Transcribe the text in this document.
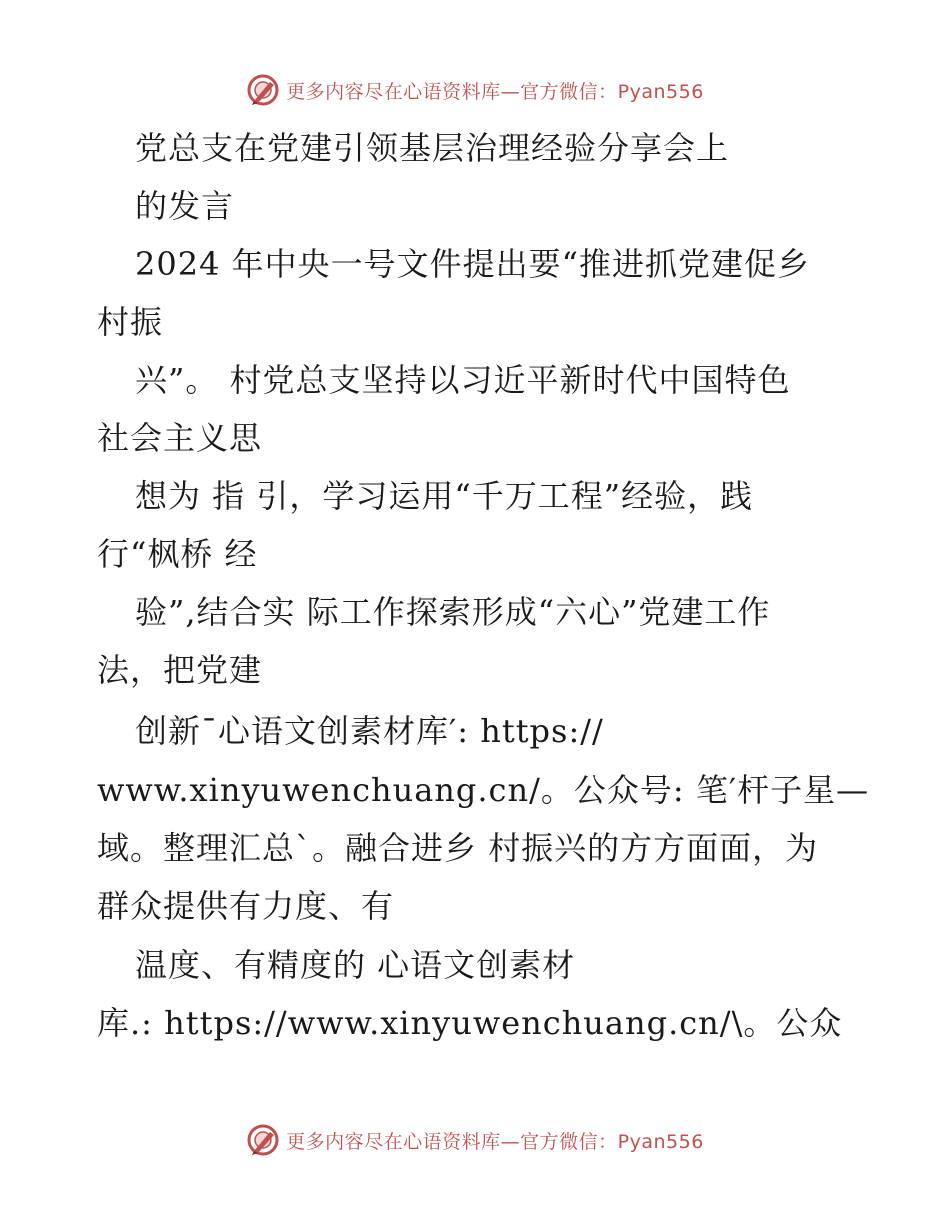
更多内容尽在心语资料库—官方微信：Pyan556
党总支在党建引领基层治理经验分享会上
的发言
2024 年中央一号文件提出要“推进抓党建促乡
村振
兴”。 村党总支坚持以习近平新时代中国特色
社会主义思
想为 指 引，学习运用“千万工程”经验，践
行“枫桥 经
验”,结合实 际工作探索形成“六心”党建工作
法，把党建
创新¯心语文创素材库′: https://
www.xinyuwenchuang.cn/。公众号: 笔′杆子星—
域。整理汇总`。融合进乡 村振兴的方方面面，为
群众提供有力度、有
温度、有精度的 心语文创素材
库.: https://www.xinyuwenchuang.cn/\。公众
更多内容尽在心语资料库—官方微信：Pyan556
